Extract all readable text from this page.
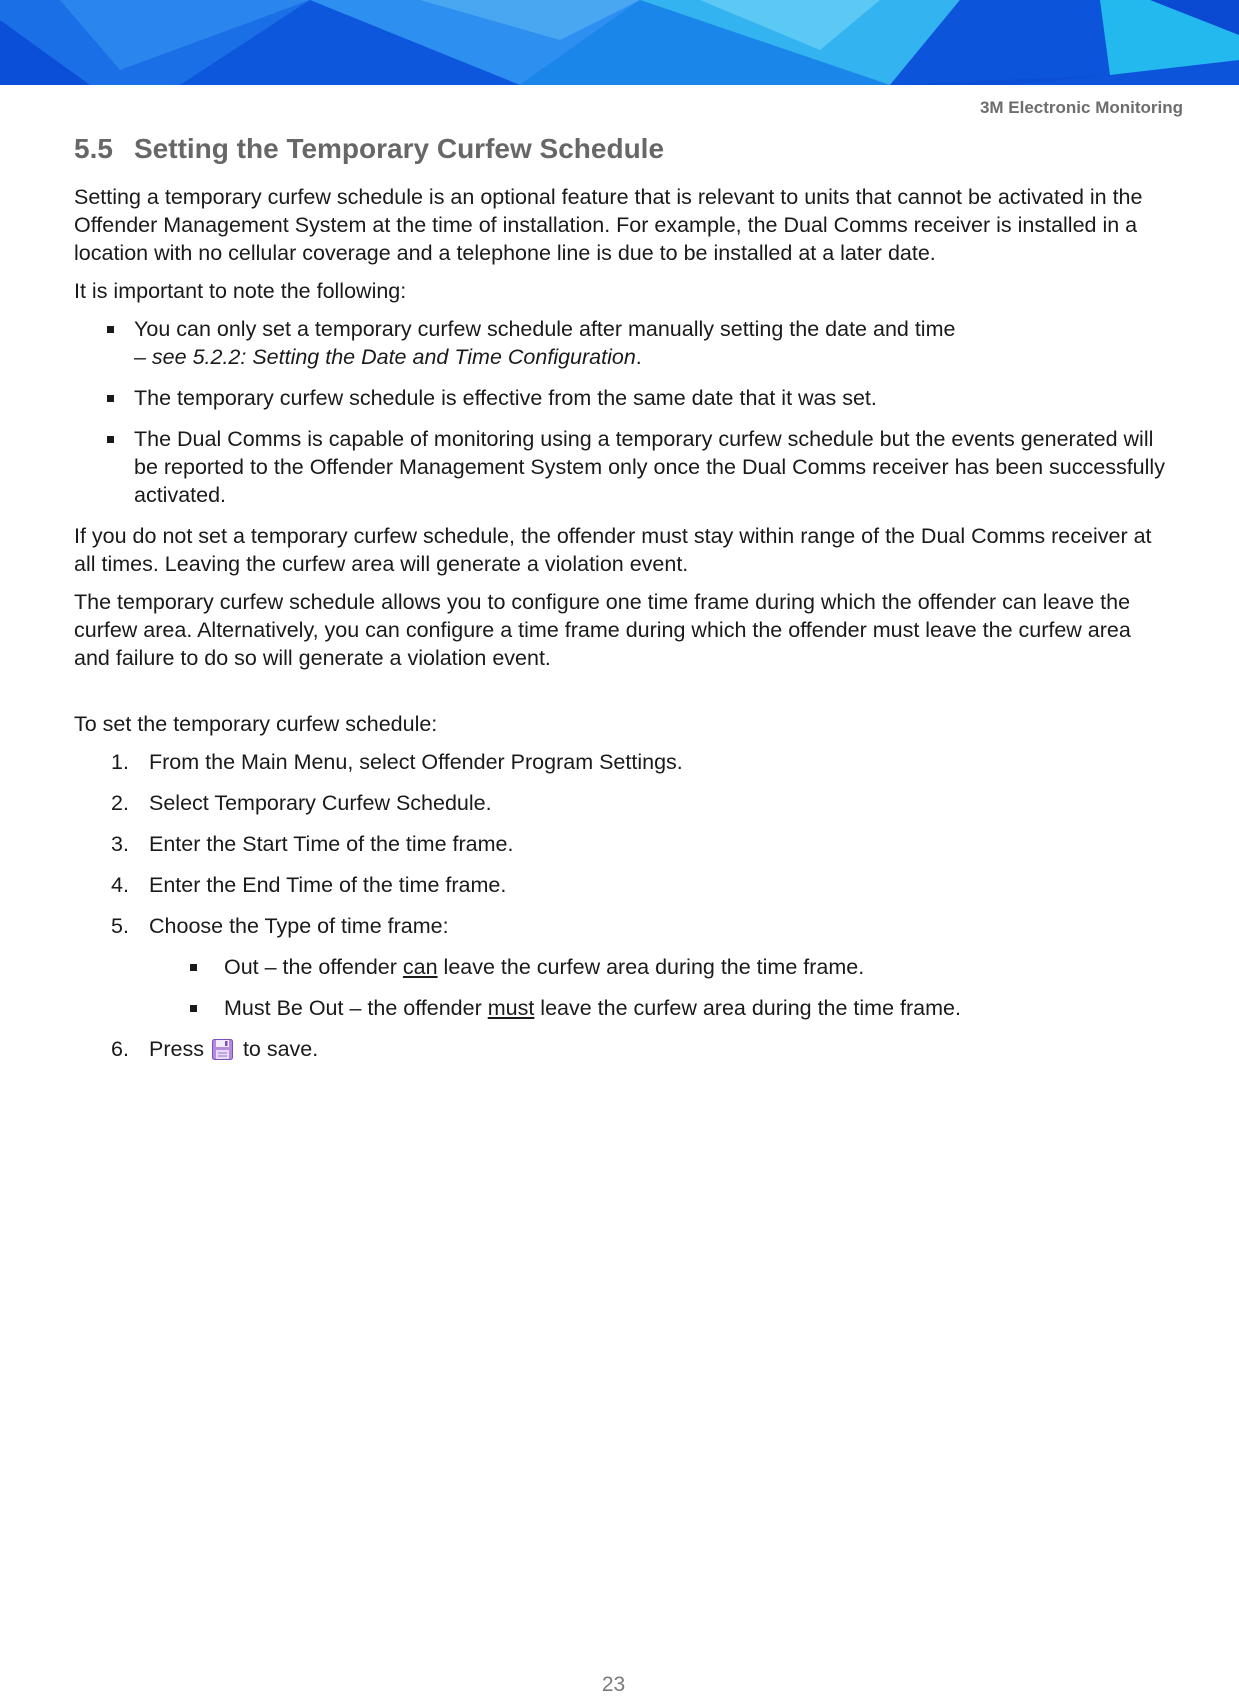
3M Electronic Monitoring
5.5 Setting the Temporary Curfew Schedule

Setting a temporary curfew schedule is an optional feature that is relevant to units that cannot be activated in the Offender Management System at the time of installation. For example, the Dual Comms receiver is installed in a location with no cellular coverage and a telephone line is due to be installed at a later date.

It is important to note the following:

You can only set a temporary curfew schedule after manually setting the date and time
– see 5.2.2: Setting the Date and Time Configuration.
The temporary curfew schedule is effective from the same date that it was set.
The Dual Comms is capable of monitoring using a temporary curfew schedule but the events generated will be reported to the Offender Management System only once the Dual Comms receiver has been successfully activated.

If you do not set a temporary curfew schedule, the offender must stay within range of the Dual Comms receiver at all times. Leaving the curfew area will generate a violation event.

The temporary curfew schedule allows you to configure one time frame during which the offender can leave the curfew area. Alternatively, you can configure a time frame during which the offender must leave the curfew area and failure to do so will generate a violation event.

To set the temporary curfew schedule:

1. From the Main Menu, select Offender Program Settings.
2. Select Temporary Curfew Schedule.
3. Enter the Start Time of the time frame.
4. Enter the End Time of the time frame.
5. Choose the Type of time frame:
Out – the offender can leave the curfew area during the time frame.
Must Be Out – the offender must leave the curfew area during the time frame.
6. Press to save.
23
